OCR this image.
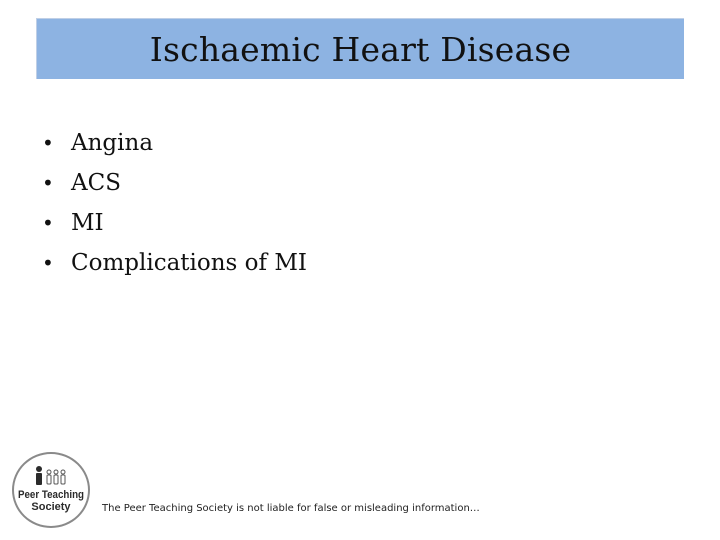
Ischaemic Heart Disease
• Angina
• ACS
• MI
• Complications of MI
Peer Teaching
Society	The Peer Teaching Society is not liable for false or misleading information…
